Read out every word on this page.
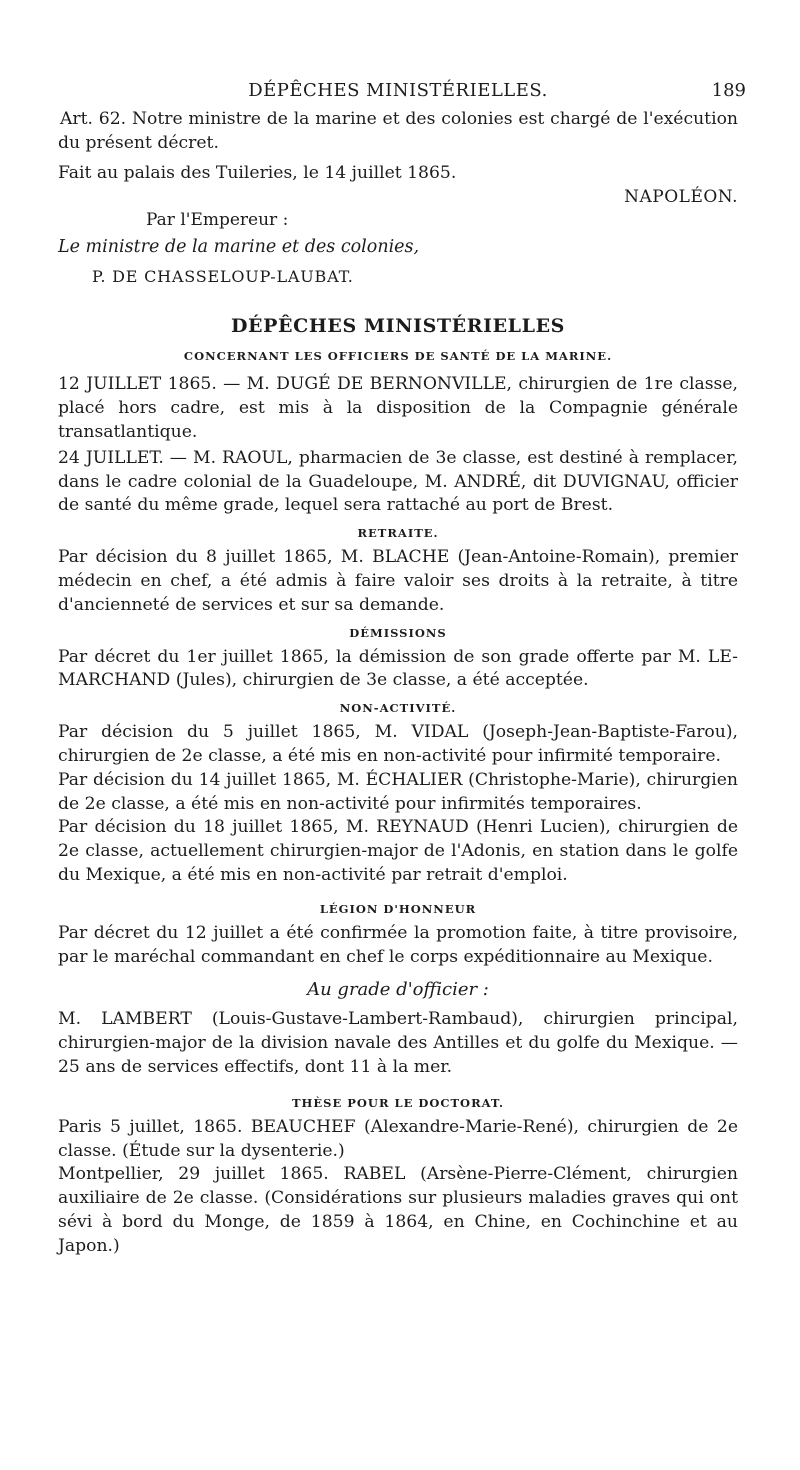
DÉPÊCHES MINISTÉRIELLES.	189

Art. 62. Notre ministre de la marine et des colonies est chargé de l'exécution du présent décret.

Fait au palais des Tuileries, le 14 juillet 1865.

NAPOLÉON.
Par l'Empereur :
Le ministre de la marine et des colonies,
P. DE CHASSELOUP-LAUBAT.
DÉPÊCHES MINISTÉRIELLES
CONCERNANT LES OFFICIERS DE SANTÉ DE LA MARINE.

12 JUILLET 1865. — M. DUGÉ DE BERNONVILLE, chirurgien de 1re classe, placé hors cadre, est mis à la disposition de la Compagnie générale transatlantique.

24 JUILLET. — M. RAOUL, pharmacien de 3e classe, est destiné à remplacer, dans le cadre colonial de la Guadeloupe, M. ANDRÉ, dit DUVIGNAU, officier de santé du même grade, lequel sera rattaché au port de Brest.

RETRAITE.

Par décision du 8 juillet 1865, M. BLACHE (Jean-Antoine-Romain), premier médecin en chef, a été admis à faire valoir ses droits à la retraite, à titre d'ancienneté de services et sur sa demande.

DÉMISSIONS

Par décret du 1er juillet 1865, la démission de son grade offerte par M. LE-MARCHAND (Jules), chirurgien de 3e classe, a été acceptée.

NON-ACTIVITÉ.

Par décision du 5 juillet 1865, M. VIDAL (Joseph-Jean-Baptiste-Farou), chirurgien de 2e classe, a été mis en non-activité pour infirmité temporaire.

Par décision du 14 juillet 1865, M. ÉCHALIER (Christophe-Marie), chirurgien de 2e classe, a été mis en non-activité pour infirmités temporaires.

Par décision du 18 juillet 1865, M. REYNAUD (Henri Lucien), chirurgien de 2e classe, actuellement chirurgien-major de l'Adonis, en station dans le golfe du Mexique, a été mis en non-activité par retrait d'emploi.

LÉGION D'HONNEUR

Par décret du 12 juillet a été confirmée la promotion faite, à titre provisoire, par le maréchal commandant en chef le corps expéditionnaire au Mexique.

Au grade d'officier :

M. LAMBERT (Louis-Gustave-Lambert-Rambaud), chirurgien principal, chirurgien-major de la division navale des Antilles et du golfe du Mexique. — 25 ans de services effectifs, dont 11 à la mer.

THÈSE POUR LE DOCTORAT.

Paris 5 juillet, 1865. BEAUCHEF (Alexandre-Marie-René), chirurgien de 2e classe. (Étude sur la dysenterie.)

Montpellier, 29 juillet 1865. RABEL (Arsène-Pierre-Clément, chirurgien auxiliaire de 2e classe. (Considérations sur plusieurs maladies graves qui ont sévi à bord du Monge, de 1859 à 1864, en Chine, en Cochinchine et au Japon.)
